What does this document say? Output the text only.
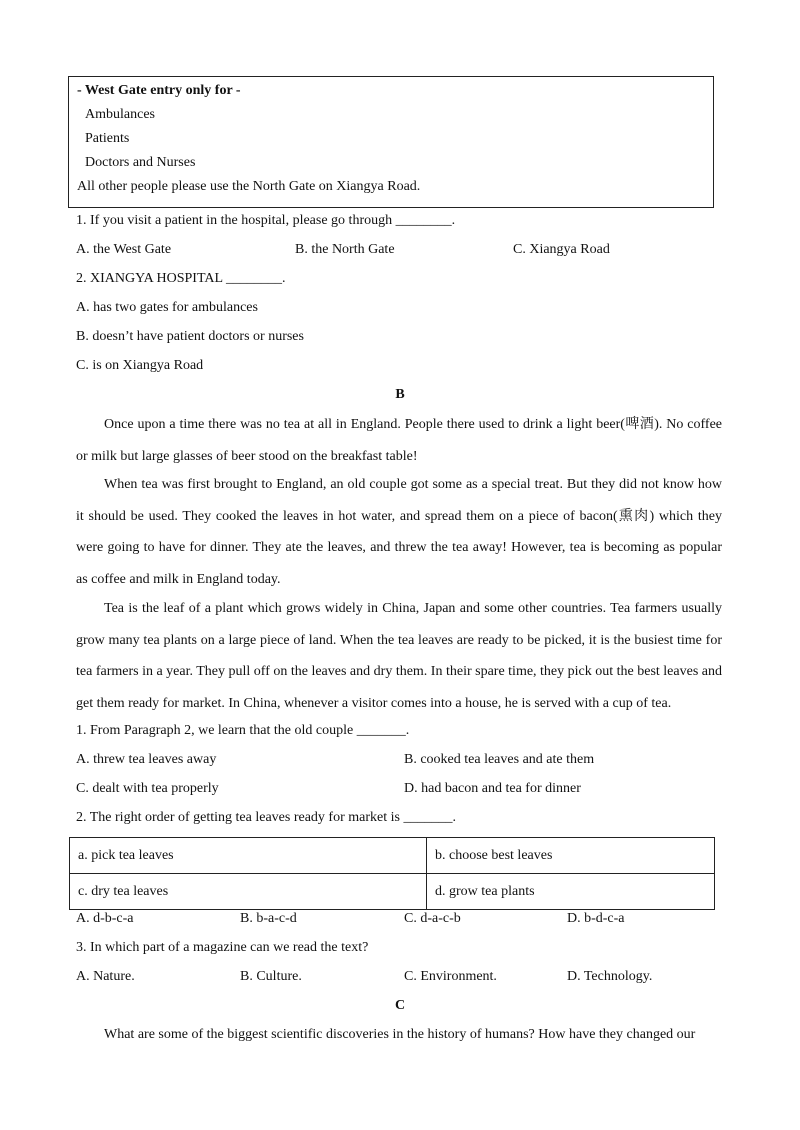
- West Gate entry only for -
Ambulances
Patients
Doctors and Nurses
All other people please use the North Gate on Xiangya Road.
1. If you visit a patient in the hospital, please go through ________.
A. the West Gate	B. the North Gate	C. Xiangya Road
2. XIANGYA HOSPITAL ________.
A. has two gates for ambulances
B. doesn’t have patient doctors or nurses
C. is on Xiangya Road
B
Once upon a time there was no tea at all in England. People there used to drink a light beer(啤酒). No coffee or milk but large glasses of beer stood on the breakfast table!
When tea was first brought to England, an old couple got some as a special treat. But they did not know how it should be used. They cooked the leaves in hot water, and spread them on a piece of bacon(熏肉) which they were going to have for dinner. They ate the leaves, and threw the tea away! However, tea is becoming as popular as coffee and milk in England today.
Tea is the leaf of a plant which grows widely in China, Japan and some other countries. Tea farmers usually grow many tea plants on a large piece of land. When the tea leaves are ready to be picked, it is the busiest time for tea farmers in a year. They pull off on the leaves and dry them. In their spare time, they pick out the best leaves and get them ready for market. In China, whenever a visitor comes into a house, he is served with a cup of tea.
1. From Paragraph 2, we learn that the old couple _______.
A. threw tea leaves away	B. cooked tea leaves and ate them
C. dealt with tea properly	D. had bacon and tea for dinner
2. The right order of getting tea leaves ready for market is _______.
a. pick tea leaves	b. choose best leaves
c. dry tea leaves	d. grow tea plants
A. d-b-c-a	B. b-a-c-d	C. d-a-c-b	D. b-d-c-a
3. In which part of a magazine can we read the text?
A. Nature.	B. Culture.	C. Environment.	D. Technology.
C
What are some of the biggest scientific discoveries in the history of humans? How have they changed our
